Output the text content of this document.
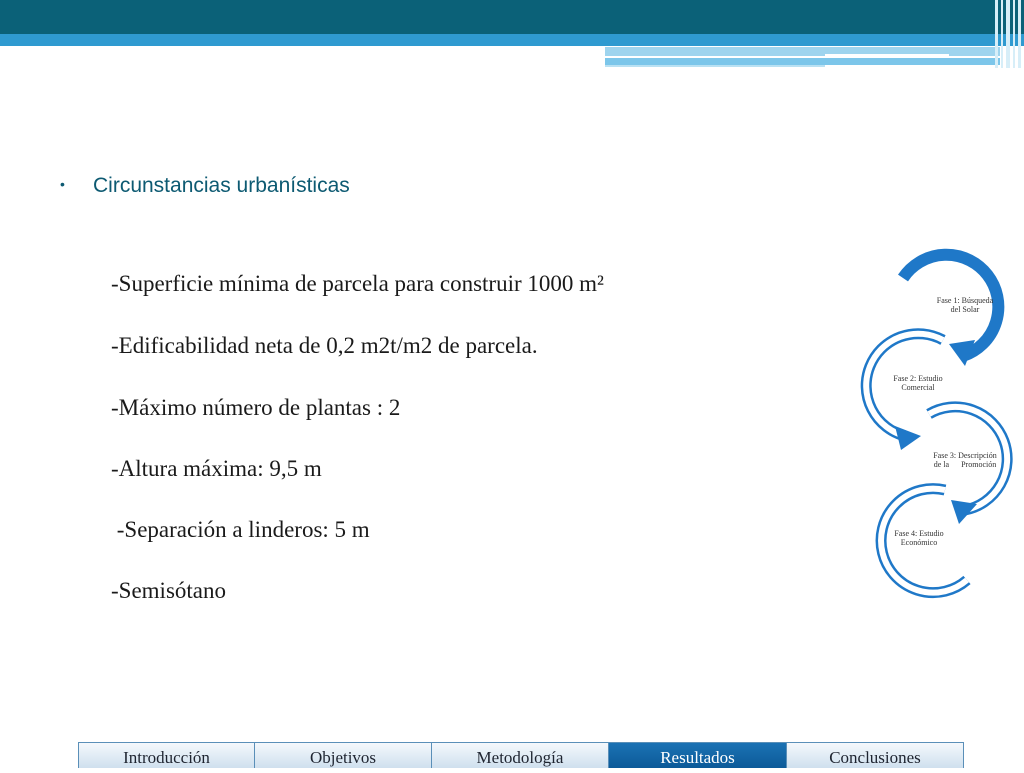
• Circunstancias urbanísticas
-Superficie mínima de parcela para construir 1000 m²
-Edificabilidad neta de 0,2 m2t/m2 de parcela.
-Máximo número de plantas : 2
-Altura máxima: 9,5 m
-Separación a linderos: 5 m
-Semisótano
Fase 1: Búsqueda
del Solar
Fase 2: Estudio
Comercial
Fase 3: Descripción
de la      Promoción
Fase 4: Estudio
Económico
Introducción	Objetivos	Metodología	Resultados	Conclusiones
